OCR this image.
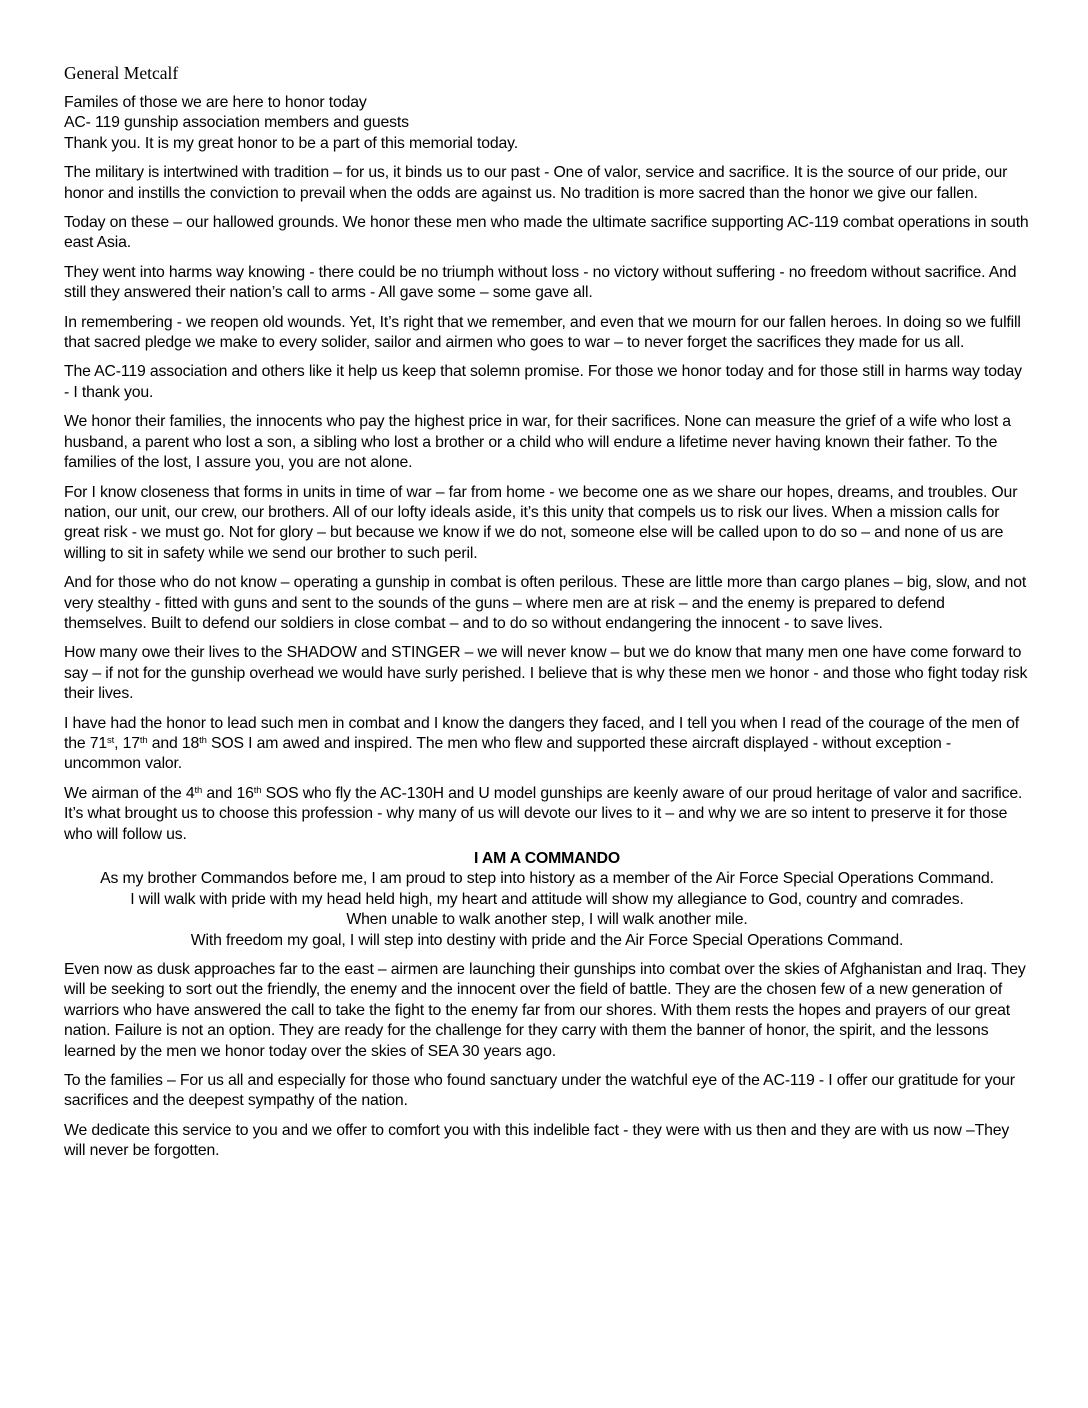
General Metcalf
Familes of those we are here to honor today
AC- 119 gunship association members and guests
Thank you. It is my great honor to be a part of this memorial today.

The military is intertwined with tradition – for us, it binds us to our past - One of valor, service and sacrifice. It is the source of our pride, our honor and instills the conviction to prevail when the odds are against us. No tradition is more sacred than the honor we give our fallen.

Today on these – our hallowed grounds. We honor these men who made the ultimate sacrifice supporting AC-119 combat operations in south east Asia.

They went into harms way knowing - there could be no triumph without loss - no victory without suffering - no freedom without sacrifice. And still they answered their nation’s call to arms - All gave some – some gave all.

In remembering - we reopen old wounds. Yet, It’s right that we remember, and even that we mourn for our fallen heroes. In doing so we fulfill that sacred pledge we make to every solider, sailor and airmen who goes to war – to never forget the sacrifices they made for us all.

The AC-119 association and others like it help us keep that solemn promise. For those we honor today and for those still in harms way today - I thank you.

We honor their families, the innocents who pay the highest price in war, for their sacrifices. None can measure the grief of a wife who lost a husband, a parent who lost a son, a sibling who lost a brother or a child who will endure a lifetime never having known their father. To the families of the lost, I assure you, you are not alone.

For I know closeness that forms in units in time of war – far from home - we become one as we share our hopes, dreams, and troubles. Our nation, our unit, our crew, our brothers. All of our lofty ideals aside, it’s this unity that compels us to risk our lives. When a mission calls for great risk - we must go. Not for glory – but because we know if we do not, someone else will be called upon to do so – and none of us are willing to sit in safety while we send our brother to such peril.

And for those who do not know – operating a gunship in combat is often perilous. These are little more than cargo planes – big, slow, and not very stealthy - fitted with guns and sent to the sounds of the guns – where men are at risk – and the enemy is prepared to defend themselves. Built to defend our soldiers in close combat – and to do so without endangering the innocent - to save lives.

How many owe their lives to the SHADOW and STINGER – we will never know – but we do know that many men one have come forward to say – if not for the gunship overhead we would have surly perished. I believe that is why these men we honor - and those who fight today risk their lives.

I have had the honor to lead such men in combat and I know the dangers they faced, and I tell you when I read of the courage of the men of the 71st, 17th and 18th SOS I am awed and inspired. The men who flew and supported these aircraft displayed - without exception - uncommon valor.

We airman of the 4th and 16th SOS who fly the AC-130H and U model gunships are keenly aware of our proud heritage of valor and sacrifice. It’s what brought us to choose this profession - why many of us will devote our lives to it – and why we are so intent to preserve it for those who will follow us.

I AM A COMMANDO
As my brother Commandos before me, I am proud to step into history as a member of the Air Force Special Operations Command.
I will walk with pride with my head held high, my heart and attitude will show my allegiance to God, country and comrades.
When unable to walk another step, I will walk another mile.
With freedom my goal, I will step into destiny with pride and the Air Force Special Operations Command.

Even now as dusk approaches far to the east – airmen are launching their gunships into combat over the skies of Afghanistan and Iraq. They will be seeking to sort out the friendly, the enemy and the innocent over the field of battle. They are the chosen few of a new generation of warriors who have answered the call to take the fight to the enemy far from our shores. With them rests the hopes and prayers of our great nation. Failure is not an option. They are ready for the challenge for they carry with them the banner of honor, the spirit, and the lessons learned by the men we honor today over the skies of SEA 30 years ago.

To the families – For us all and especially for those who found sanctuary under the watchful eye of the AC-119 - I offer our gratitude for your sacrifices and the deepest sympathy of the nation.

We dedicate this service to you and we offer to comfort you with this indelible fact - they were with us then and they are with us now –They will never be forgotten.
